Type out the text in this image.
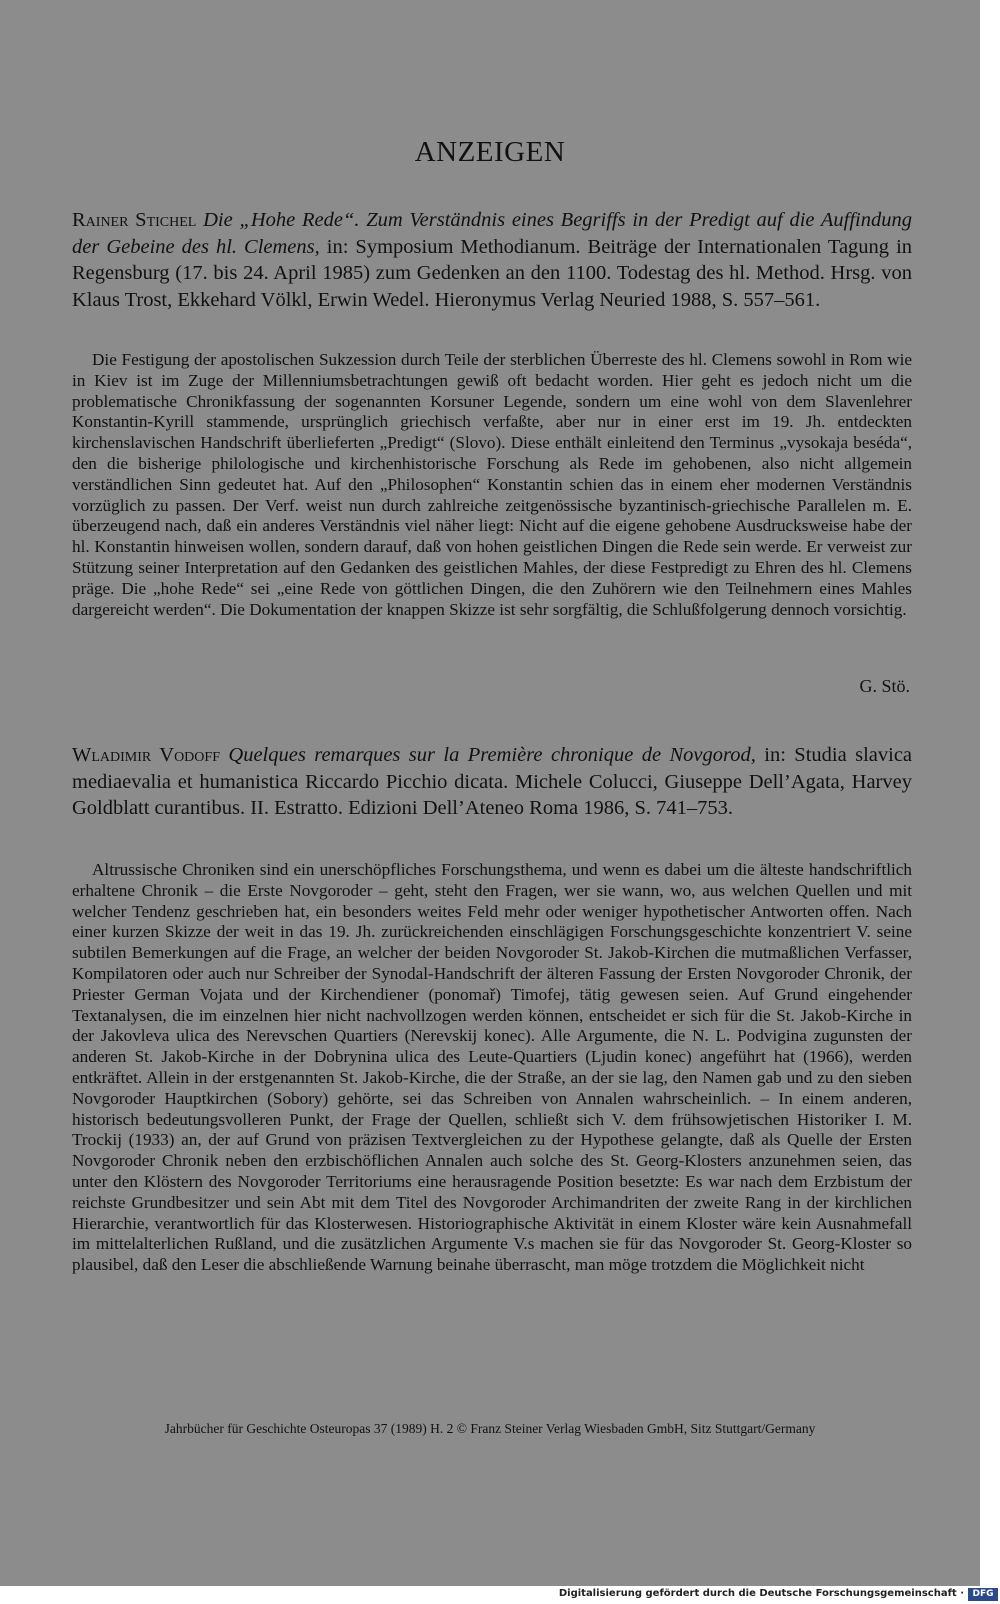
ANZEIGEN
Rainer Stichel Die „Hohe Rede“. Zum Verständnis eines Begriffs in der Predigt auf die Auffindung der Gebeine des hl. Clemens, in: Symposium Methodianum. Beiträge der Internationalen Tagung in Regensburg (17. bis 24. April 1985) zum Gedenken an den 1100. Todestag des hl. Method. Hrsg. von Klaus Trost, Ekkehard Völkl, Erwin Wedel. Hieronymus Verlag Neuried 1988, S. 557–561.
Die Festigung der apostolischen Sukzession durch Teile der sterblichen Überreste des hl. Clemens sowohl in Rom wie in Kiev ist im Zuge der Millenniumsbetrachtungen gewiß oft bedacht worden. Hier geht es jedoch nicht um die problematische Chronikfassung der sogenannten Korsuner Legende, sondern um eine wohl von dem Slavenlehrer Konstantin-Kyrill stammende, ursprünglich griechisch verfaßte, aber nur in einer erst im 19. Jh. entdeckten kirchenslavischen Handschrift überlieferten „Predigt“ (Slovo). Diese enthält einleitend den Terminus „vysokaja beséda“, den die bisherige philologische und kirchenhistorische Forschung als Rede im gehobenen, also nicht allgemein verständlichen Sinn gedeutet hat. Auf den „Philosophen“ Konstantin schien das in einem eher modernen Verständnis vorzüglich zu passen. Der Verf. weist nun durch zahlreiche zeitgenössische byzantinisch-griechische Parallelen m. E. überzeugend nach, daß ein anderes Verständnis viel näher liegt: Nicht auf die eigene gehobene Ausdrucksweise habe der hl. Konstantin hinweisen wollen, sondern darauf, daß von hohen geistlichen Dingen die Rede sein werde. Er verweist zur Stützung seiner Interpretation auf den Gedanken des geistlichen Mahles, der diese Festpredigt zu Ehren des hl. Clemens präge. Die „hohe Rede“ sei „eine Rede von göttlichen Dingen, die den Zuhörern wie den Teilnehmern eines Mahles dargereicht werden“. Die Dokumentation der knappen Skizze ist sehr sorgfältig, die Schlußfolgerung dennoch vorsichtig.
G. Stö.
Wladimir Vodoff Quelques remarques sur la Première chronique de Novgorod, in: Studia slavica mediaevalia et humanistica Riccardo Picchio dicata. Michele Colucci, Giuseppe Dell’Agata, Harvey Goldblatt curantibus. II. Estratto. Edizioni Dell’Ateneo Roma 1986, S. 741–753.
Altrussische Chroniken sind ein unerschöpfliches Forschungsthema, und wenn es dabei um die älteste handschriftlich erhaltene Chronik – die Erste Novgoroder – geht, steht den Fragen, wer sie wann, wo, aus welchen Quellen und mit welcher Tendenz geschrieben hat, ein besonders weites Feld mehr oder weniger hypothetischer Antworten offen. Nach einer kurzen Skizze der weit in das 19. Jh. zurückreichenden einschlägigen Forschungsgeschichte konzentriert V. seine subtilen Bemerkungen auf die Frage, an welcher der beiden Novgoroder St. Jakob-Kirchen die mutmaßlichen Verfasser, Kompilatoren oder auch nur Schreiber der Synodal-Handschrift der älteren Fassung der Ersten Novgoroder Chronik, der Priester German Vojata und der Kirchendiener (ponomař) Timofej, tätig gewesen seien. Auf Grund eingehender Textanalysen, die im einzelnen hier nicht nachvollzogen werden können, entscheidet er sich für die St. Jakob-Kirche in der Jakovleva ulica des Nerevschen Quartiers (Nerevskij konec). Alle Argumente, die N. L. Podvigina zugunsten der anderen St. Jakob-Kirche in der Dobrynina ulica des Leute-Quartiers (Ljudin konec) angeführt hat (1966), werden entkräftet. Allein in der erstgenannten St. Jakob-Kirche, die der Straße, an der sie lag, den Namen gab und zu den sieben Novgoroder Hauptkirchen (Sobory) gehörte, sei das Schreiben von Annalen wahrscheinlich. – In einem anderen, historisch bedeutungsvolleren Punkt, der Frage der Quellen, schließt sich V. dem frühsowjetischen Historiker I. M. Trockij (1933) an, der auf Grund von präzisen Textvergleichen zu der Hypothese gelangte, daß als Quelle der Ersten Novgoroder Chronik neben den erzbischöflichen Annalen auch solche des St. Georg-Klosters anzunehmen seien, das unter den Klöstern des Novgoroder Territoriums eine herausragende Position besetzte: Es war nach dem Erzbistum der reichste Grundbesitzer und sein Abt mit dem Titel des Novgoroder Archimandriten der zweite Rang in der kirchlichen Hierarchie, verantwortlich für das Klosterwesen. Historiographische Aktivität in einem Kloster wäre kein Ausnahmefall im mittelalterlichen Rußland, und die zusätzlichen Argumente V.s machen sie für das Novgoroder St. Georg-Kloster so plausibel, daß den Leser die abschließende Warnung beinahe überrascht, man möge trotzdem die Möglichkeit nicht
Jahrbücher für Geschichte Osteuropas 37 (1989) H. 2 © Franz Steiner Verlag Wiesbaden GmbH, Sitz Stuttgart/Germany
Digitalisierung gefördert durch die Deutsche Forschungsgemeinschaft · DFG
